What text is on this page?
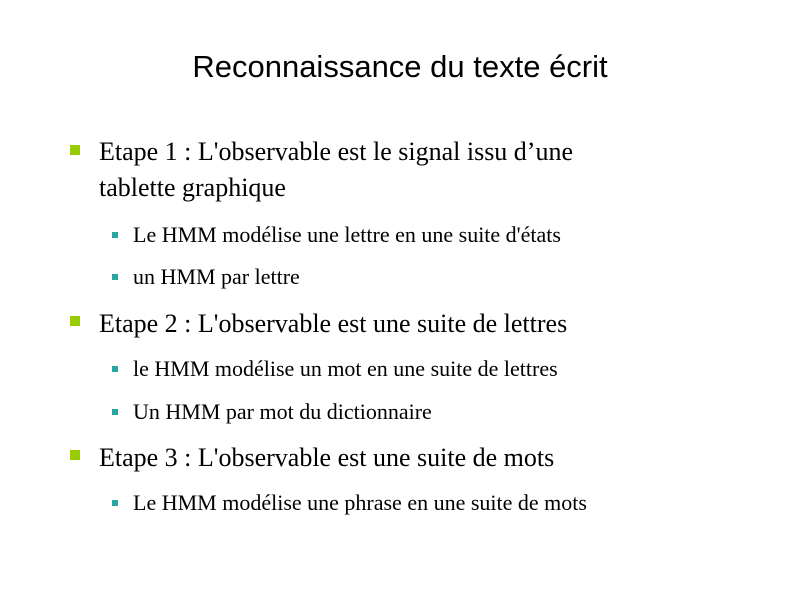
Reconnaissance du texte écrit
Etape 1 : L'observable est le signal issu d’une
tablette graphique
Le HMM modélise une lettre en une suite d'états
un HMM par lettre
Etape 2 : L'observable est une suite de lettres
le HMM modélise un mot en une suite de lettres
Un HMM par mot du dictionnaire
Etape 3 : L'observable est une suite de mots
Le HMM modélise une phrase en une suite de mots
